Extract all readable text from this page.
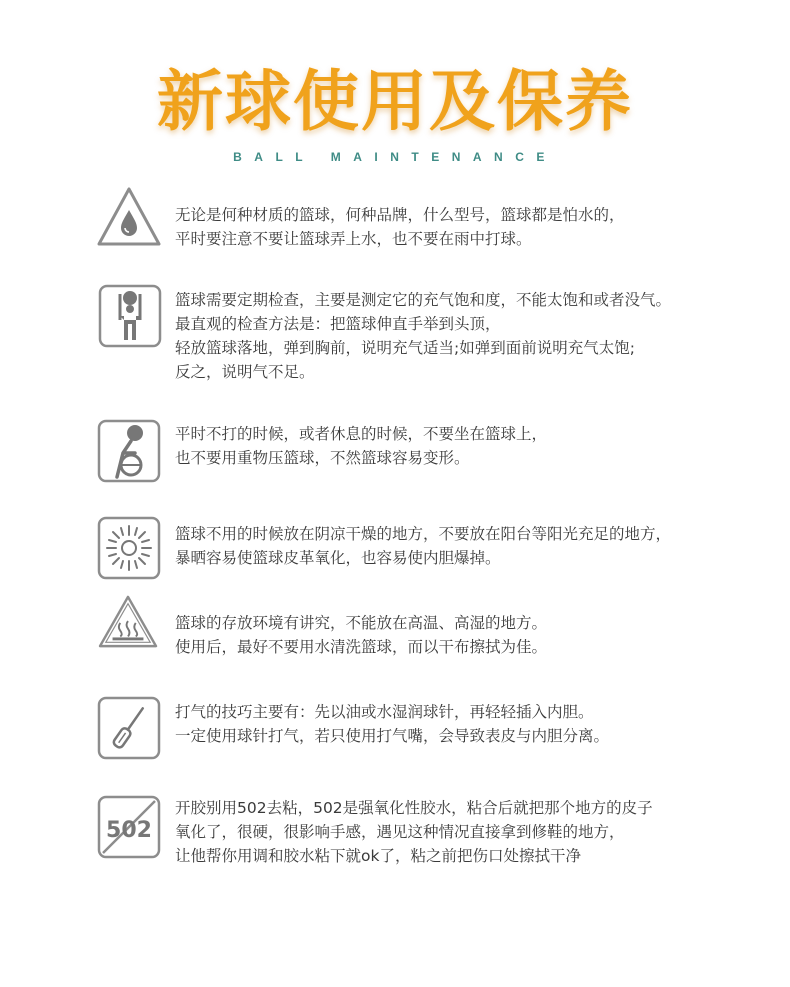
新球使用及保养
BALL MAINTENANCE
无论是何种材质的篮球，何种品牌，什么型号，篮球都是怕水的，
平时要注意不要让篮球弄上水，也不要在雨中打球。
篮球需要定期检查，主要是测定它的充气饱和度，不能太饱和或者没气。
最直观的检查方法是：把篮球伸直手举到头顶，
轻放篮球落地，弹到胸前，说明充气适当;如弹到面前说明充气太饱;
反之，说明气不足。
平时不打的时候，或者休息的时候，不要坐在篮球上，
也不要用重物压篮球，不然篮球容易变形。
篮球不用的时候放在阴凉干燥的地方，不要放在阳台等阳光充足的地方，
暴晒容易使篮球皮革氧化，也容易使内胆爆掉。
篮球的存放环境有讲究，不能放在高温、高湿的地方。
使用后，最好不要用水清洗篮球，而以干布擦拭为佳。
打气的技巧主要有：先以油或水湿润球针，再轻轻插入内胆。
一定使用球针打气，若只使用打气嘴，会导致表皮与内胆分离。
502
开胶别用502去粘，502是强氧化性胶水，粘合后就把那个地方的皮子
氧化了，很硬，很影响手感，遇见这种情况直接拿到修鞋的地方，
让他帮你用调和胶水粘下就ok了，粘之前把伤口处擦拭干净
